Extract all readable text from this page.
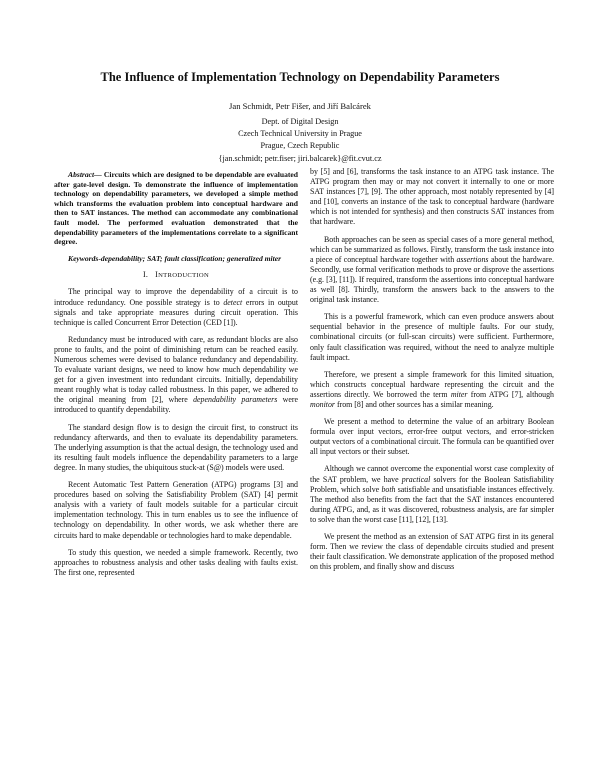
The Influence of Implementation Technology on Dependability Parameters
Jan Schmidt, Petr Fišer, and Jiří Balcárek
Dept. of Digital Design
Czech Technical University in Prague
Prague, Czech Republic
{jan.schmidt; petr.fiser; jiri.balcarek}@fit.cvut.cz

Abstract— Circuits which are designed to be dependable are evaluated after gate-level design. To demonstrate the influence of implementation technology on dependability parameters, we developed a simple method which transforms the evaluation problem into conceptual hardware and then to SAT instances. The method can accommodate any combinational fault model. The performed evaluation demonstrated that the dependability parameters of the implementations correlate to a significant degree.

Keywords-dependability; SAT; fault classification; generalized miter

I. INTRODUCTION

The principal way to improve the dependability of a circuit is to introduce redundancy. One possible strategy is to detect errors in output signals and take appropriate measures during circuit operation. This technique is called Concurrent Error Detection (CED [1]).

Redundancy must be introduced with care, as redundant blocks are also prone to faults, and the point of diminishing return can be reached easily. Numerous schemes were devised to balance redundancy and dependability. To evaluate variant designs, we need to know how much dependability we get for a given investment into redundant circuits. Initially, dependability meant roughly what is today called robustness. In this paper, we adhered to the original meaning from [2], where dependability parameters were introduced to quantify dependability.

The standard design flow is to design the circuit first, to construct its redundancy afterwards, and then to evaluate its dependability parameters. The underlying assumption is that the actual design, the technology used and its resulting fault models influence the dependability parameters to a large degree. In many studies, the ubiquitous stuck-at (S@) models were used.

Recent Automatic Test Pattern Generation (ATPG) programs [3] and procedures based on solving the Satisfiability Problem (SAT) [4] permit analysis with a variety of fault models suitable for a particular circuit implementation technology. This in turn enables us to see the influence of technology on dependability. In other words, we ask whether there are circuits hard to make dependable or technologies hard to make dependable.

To study this question, we needed a simple framework. Recently, two approaches to robustness analysis and other tasks dealing with faults exist. The first one, represented

by [5] and [6], transforms the task instance to an ATPG task instance. The ATPG program then may or may not convert it internally to one or more SAT instances [7], [9]. The other approach, most notably represented by [4] and [10], converts an instance of the task to conceptual hardware (hardware which is not intended for synthesis) and then constructs SAT instances from that hardware.

Both approaches can be seen as special cases of a more general method, which can be summarized as follows. Firstly, transform the task instance into a piece of conceptual hardware together with assertions about the hardware. Secondly, use formal verification methods to prove or disprove the assertions (e.g. [3], [11]). If required, transform the assertions into conceptual hardware as well [8]. Thirdly, transform the answers back to the answers to the original task instance.

This is a powerful framework, which can even produce answers about sequential behavior in the presence of multiple faults. For our study, combinational circuits (or full-scan circuits) were sufficient. Furthermore, only fault classification was required, without the need to analyze multiple fault impact.

Therefore, we present a simple framework for this limited situation, which constructs conceptual hardware representing the circuit and the assertions directly. We borrowed the term miter from ATPG [7], although monitor from [8] and other sources has a similar meaning.

We present a method to determine the value of an arbitrary Boolean formula over input vectors, error-free output vectors, and error-stricken output vectors of a combinational circuit. The formula can be quantified over all input vectors or their subset.

Although we cannot overcome the exponential worst case complexity of the SAT problem, we have practical solvers for the Boolean Satisfiability Problem, which solve both satisfiable and unsatisfiable instances effectively. The method also benefits from the fact that the SAT instances encountered during ATPG, and, as it was discovered, robustness analysis, are far simpler to solve than the worst case [11], [12], [13].

We present the method as an extension of SAT ATPG first in its general form. Then we review the class of dependable circuits studied and present their fault classification. We demonstrate application of the proposed method on this problem, and finally show and discuss
